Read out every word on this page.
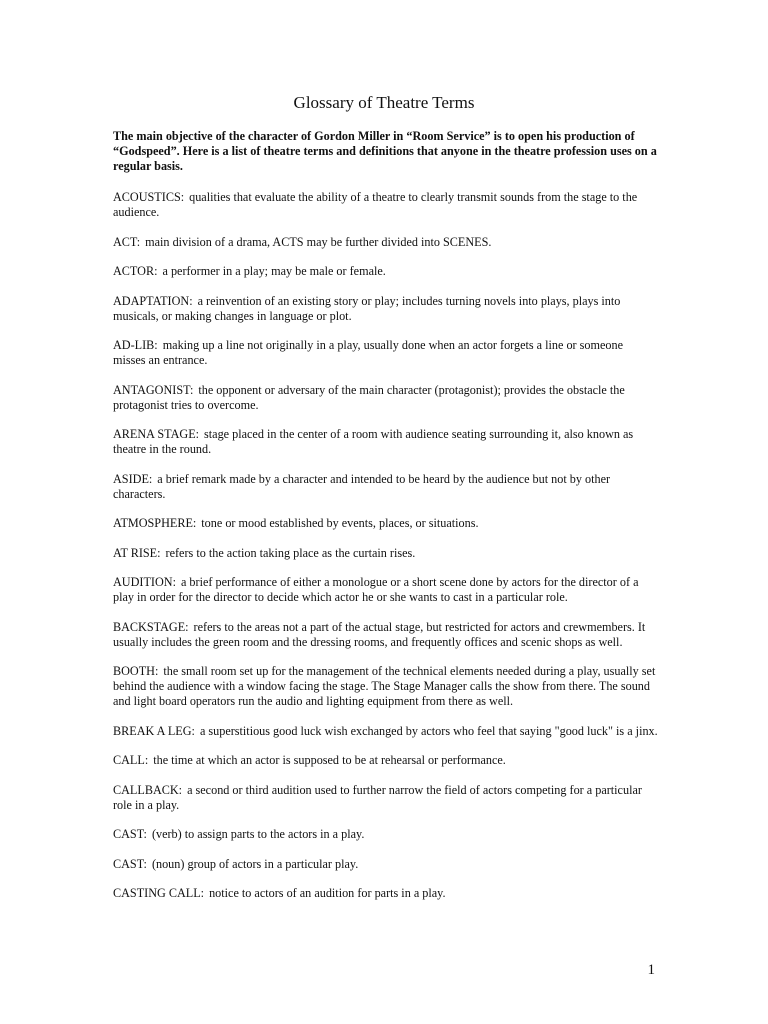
Glossary of Theatre Terms

The main objective of the character of Gordon Miller in “Room Service” is to open his production of “Godspeed”. Here is a list of theatre terms and definitions that anyone in the theatre profession uses on a regular basis.

ACOUSTICS: qualities that evaluate the ability of a theatre to clearly transmit sounds from the stage to the audience.

ACT: main division of a drama, ACTS may be further divided into SCENES.

ACTOR: a performer in a play; may be male or female.

ADAPTATION: a reinvention of an existing story or play; includes turning novels into plays, plays into musicals, or making changes in language or plot.

AD-LIB: making up a line not originally in a play, usually done when an actor forgets a line or someone misses an entrance.

ANTAGONIST: the opponent or adversary of the main character (protagonist); provides the obstacle the protagonist tries to overcome.

ARENA STAGE: stage placed in the center of a room with audience seating surrounding it, also known as theatre in the round.

ASIDE: a brief remark made by a character and intended to be heard by the audience but not by other characters.

ATMOSPHERE: tone or mood established by events, places, or situations.

AT RISE: refers to the action taking place as the curtain rises.

AUDITION: a brief performance of either a monologue or a short scene done by actors for the director of a play in order for the director to decide which actor he or she wants to cast in a particular role.

BACKSTAGE: refers to the areas not a part of the actual stage, but restricted for actors and crewmembers. It usually includes the green room and the dressing rooms, and frequently offices and scenic shops as well.

BOOTH: the small room set up for the management of the technical elements needed during a play, usually set behind the audience with a window facing the stage. The Stage Manager calls the show from there. The sound and light board operators run the audio and lighting equipment from there as well.

BREAK A LEG: a superstitious good luck wish exchanged by actors who feel that saying "good luck" is a jinx.

CALL: the time at which an actor is supposed to be at rehearsal or performance.

CALLBACK: a second or third audition used to further narrow the field of actors competing for a particular role in a play.

CAST: (verb) to assign parts to the actors in a play.

CAST: (noun) group of actors in a particular play.

CASTING CALL: notice to actors of an audition for parts in a play.

1
